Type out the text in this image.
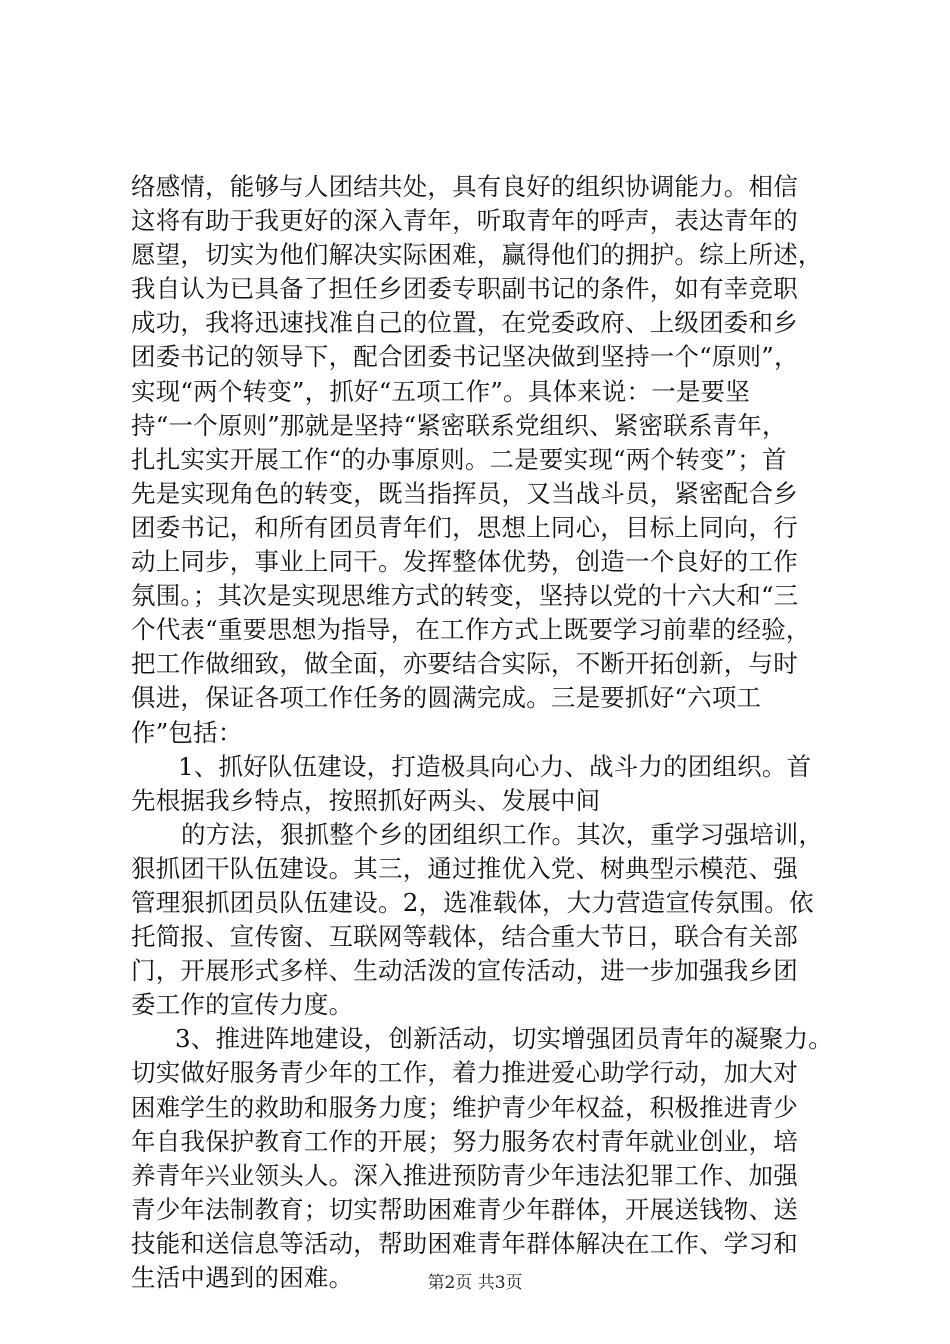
络感情，能够与人团结共处，具有良好的组织协调能力。相信
这将有助于我更好的深入青年，听取青年的呼声，表达青年的
愿望，切实为他们解决实际困难，赢得他们的拥护。综上所述，
我自认为已具备了担任乡团委专职副书记的条件，如有幸竞职
成功，我将迅速找准自己的位置，在党委政府、上级团委和乡
团委书记的领导下，配合团委书记坚决做到坚持一个“原则”，
实现“两个转变”，抓好“五项工作”。具体来说：一是要坚
持“一个原则”那就是坚持“紧密联系党组织、紧密联系青年，
扎扎实实开展工作“的办事原则。二是要实现“两个转变”；首
先是实现角色的转变，既当指挥员，又当战斗员，紧密配合乡
团委书记，和所有团员青年们，思想上同心，目标上同向，行
动上同步，事业上同干。发挥整体优势，创造一个良好的工作
氛围。；其次是实现思维方式的转变，坚持以党的十六大和“三
个代表“重要思想为指导，在工作方式上既要学习前辈的经验，
把工作做细致，做全面，亦要结合实际，不断开拓创新，与时
俱进，保证各项工作任务的圆满完成。三是要抓好“六项工
作”包括：
1、抓好队伍建设，打造极具向心力、战斗力的团组织。首
先根据我乡特点，按照抓好两头、发展中间
的方法，狠抓整个乡的团组织工作。其次，重学习强培训，
狠抓团干队伍建设。其三，通过推优入党、树典型示模范、强
管理狠抓团员队伍建设。2，选准载体，大力营造宣传氛围。依
托简报、宣传窗、互联网等载体，结合重大节日，联合有关部
门，开展形式多样、生动活泼的宣传活动，进一步加强我乡团
委工作的宣传力度。
3、推进阵地建设，创新活动，切实增强团员青年的凝聚力。
切实做好服务青少年的工作，着力推进爱心助学行动，加大对
困难学生的救助和服务力度；维护青少年权益，积极推进青少
年自我保护教育工作的开展；努力服务农村青年就业创业，培
养青年兴业领头人。深入推进预防青少年违法犯罪工作、加强
青少年法制教育；切实帮助困难青少年群体，开展送钱物、送
技能和送信息等活动，帮助困难青年群体解决在工作、学习和
生活中遇到的困难。	第2页 共3页
